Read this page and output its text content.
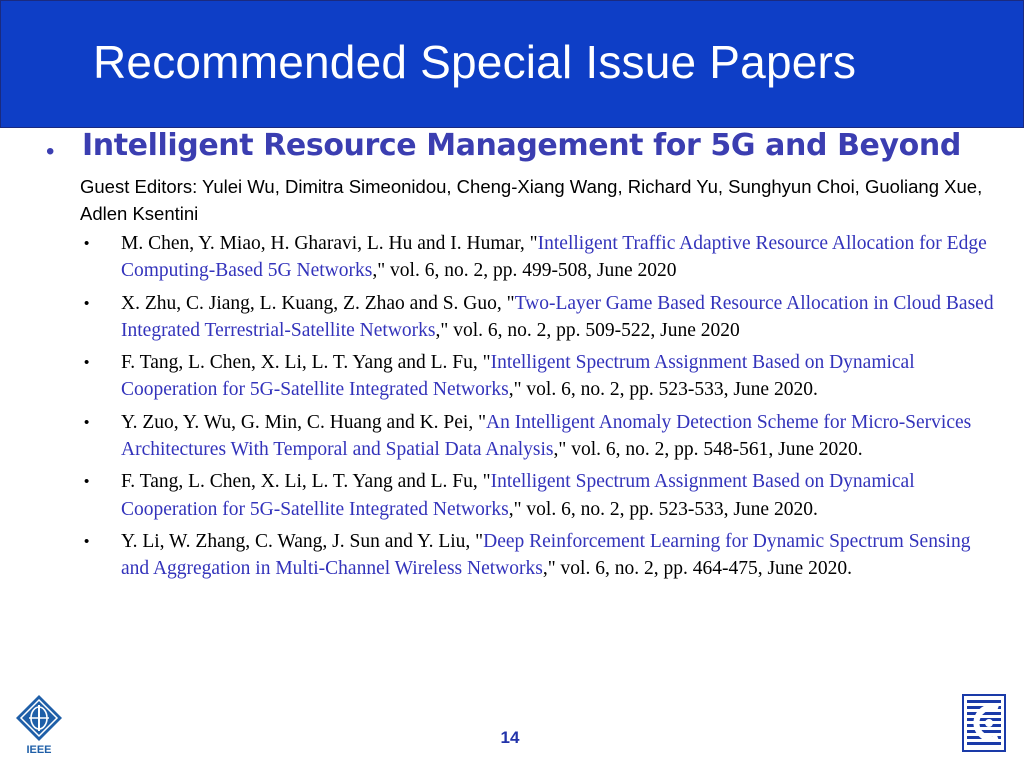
Recommended Special Issue Papers
• Intelligent Resource Management for 5G and Beyond

Guest Editors: Yulei Wu, Dimitra Simeonidou, Cheng-Xiang Wang, Richard Yu, Sunghyun Choi, Guoliang Xue, Adlen Ksentini

• M. Chen, Y. Miao, H. Gharavi, L. Hu and I. Humar, "Intelligent Traffic Adaptive Resource Allocation for Edge Computing-Based 5G Networks," vol. 6, no. 2, pp. 499-508, June 2020
• X. Zhu, C. Jiang, L. Kuang, Z. Zhao and S. Guo, "Two-Layer Game Based Resource Allocation in Cloud Based Integrated Terrestrial-Satellite Networks," vol. 6, no. 2, pp. 509-522, June 2020
• F. Tang, L. Chen, X. Li, L. T. Yang and L. Fu, "Intelligent Spectrum Assignment Based on Dynamical Cooperation for 5G-Satellite Integrated Networks," vol. 6, no. 2, pp. 523-533, June 2020.
• Y. Zuo, Y. Wu, G. Min, C. Huang and K. Pei, "An Intelligent Anomaly Detection Scheme for Micro-Services Architectures With Temporal and Spatial Data Analysis," vol. 6, no. 2, pp. 548-561, June 2020.
• F. Tang, L. Chen, X. Li, L. T. Yang and L. Fu, "Intelligent Spectrum Assignment Based on Dynamical Cooperation for 5G-Satellite Integrated Networks," vol. 6, no. 2, pp. 523-533, June 2020.
• Y. Li, W. Zhang, C. Wang, J. Sun and Y. Liu, "Deep Reinforcement Learning for Dynamic Spectrum Sensing and Aggregation in Multi-Channel Wireless Networks," vol. 6, no. 2, pp. 464-475, June 2020.
IEEE
14
